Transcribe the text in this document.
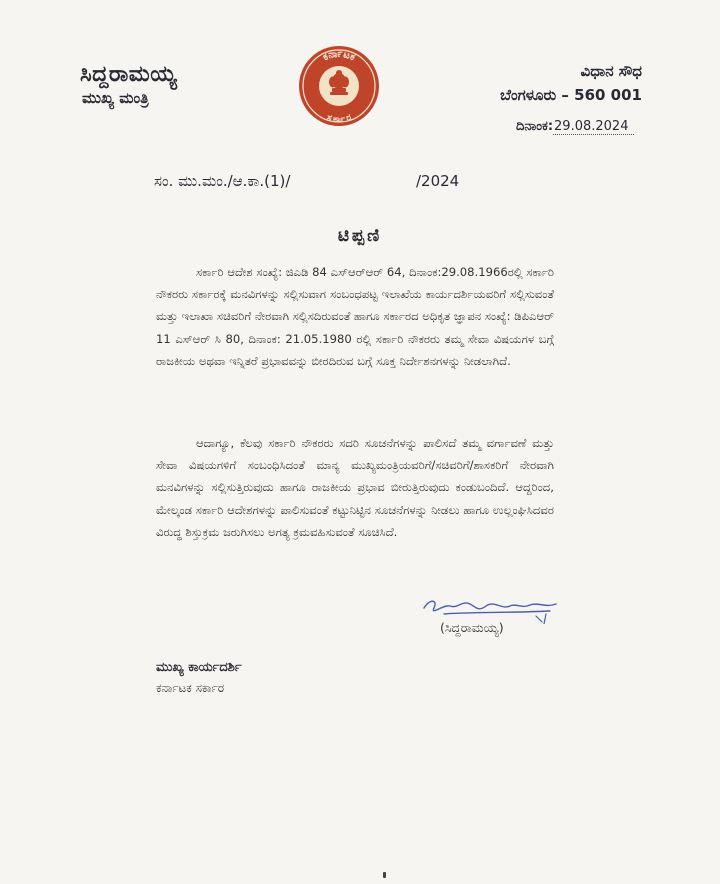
ಸಿದ್ದರಾಮಯ್ಯ
ಮುಖ್ಯ ಮಂತ್ರಿ
ಕರ್ನಾಟಕ
ಸರ್ಕಾರ
ವಿಧಾನ ಸೌಧ
ಬೆಂಗಳೂರು – 560 001
ದಿನಾಂಕ:29.08.2024
ಸಂ. ಮು.ಮಂ./ಆ.ಕಾ.(1)/	/2024
ಟಿಪ್ಪಣಿ
ಸರ್ಕಾರಿ ಆದೇಶ ಸಂಖ್ಯೆ: ಜಿಎಡಿ 84 ಎಸ್‌ಆರ್‌ಆರ್ 64, ದಿನಾಂಕ:29.08.1966ರಲ್ಲಿ ಸರ್ಕಾರಿ ನೌಕರರು ಸರ್ಕಾರಕ್ಕೆ ಮನವಿಗಳನ್ನು ಸಲ್ಲಿಸುವಾಗ ಸಂಬಂಧಪಟ್ಟ ಇಲಾಖೆಯ ಕಾರ್ಯದರ್ಶಿಯವರಿಗೆ ಸಲ್ಲಿಸುವಂತೆ ಮತ್ತು ಇಲಾಖಾ ಸಚಿವರಿಗೆ ನೇರವಾಗಿ ಸಲ್ಲಿಸದಿರುವಂತೆ ಹಾಗೂ ಸರ್ಕಾರದ ಅಧಿಕೃತ ಜ್ಞಾಪನ ಸಂಖ್ಯೆ: ಡಿಪಿಎಆರ್ 11 ಎಸ್‌ಆರ್ ಸಿ 80, ದಿನಾಂಕ: 21.05.1980 ರಲ್ಲಿ ಸರ್ಕಾರಿ ನೌಕರರು ತಮ್ಮ ಸೇವಾ ವಿಷಯಗಳ ಬಗ್ಗೆ ರಾಜಕೀಯ ಅಥವಾ ಇನ್ನಿತರೆ ಪ್ರಭಾವವನ್ನು ಬೀರದಿರುವ ಬಗ್ಗೆ ಸೂಕ್ತ ನಿರ್ದೇಶನಗಳನ್ನು ನೀಡಲಾಗಿದೆ.
ಆದಾಗ್ಯೂ, ಕೆಲವು ಸರ್ಕಾರಿ ನೌಕರರು ಸದರಿ ಸೂಚನೆಗಳನ್ನು ಪಾಲಿಸದೆ ತಮ್ಮ ವರ್ಗಾವಣೆ ಮತ್ತು ಸೇವಾ ವಿಷಯಗಳಿಗೆ ಸಂಬಂಧಿಸಿದಂತೆ ಮಾನ್ಯ ಮುಖ್ಯಮಂತ್ರಿಯವರಿಗೆ/ಸಚಿವರಿಗೆ/ಶಾಸಕರಿಗೆ ನೇರವಾಗಿ ಮನವಿಗಳನ್ನು ಸಲ್ಲಿಸುತ್ತಿರುವುದು ಹಾಗೂ ರಾಜಕೀಯ ಪ್ರಭಾವ ಬೀರುತ್ತಿರುವುದು ಕಂಡುಬಂದಿದೆ. ಆದ್ದರಿಂದ, ಮೇಲ್ಕಂಡ ಸರ್ಕಾರಿ ಆದೇಶಗಳನ್ನು ಪಾಲಿಸುವಂತೆ ಕಟ್ಟುನಿಟ್ಟಿನ ಸೂಚನೆಗಳನ್ನು ನೀಡಲು ಹಾಗೂ ಉಲ್ಲಂಘಿಸಿದವರ ವಿರುದ್ಧ ಶಿಸ್ತುಕ್ರಮ ಜರುಗಿಸಲು ಅಗತ್ಯ ಕ್ರಮವಹಿಸುವಂತೆ ಸೂಚಿಸಿದೆ.
(ಸಿದ್ದರಾಮಯ್ಯ)
ಮುಖ್ಯ ಕಾರ್ಯದರ್ಶಿ
ಕರ್ನಾಟಕ ಸರ್ಕಾರ
